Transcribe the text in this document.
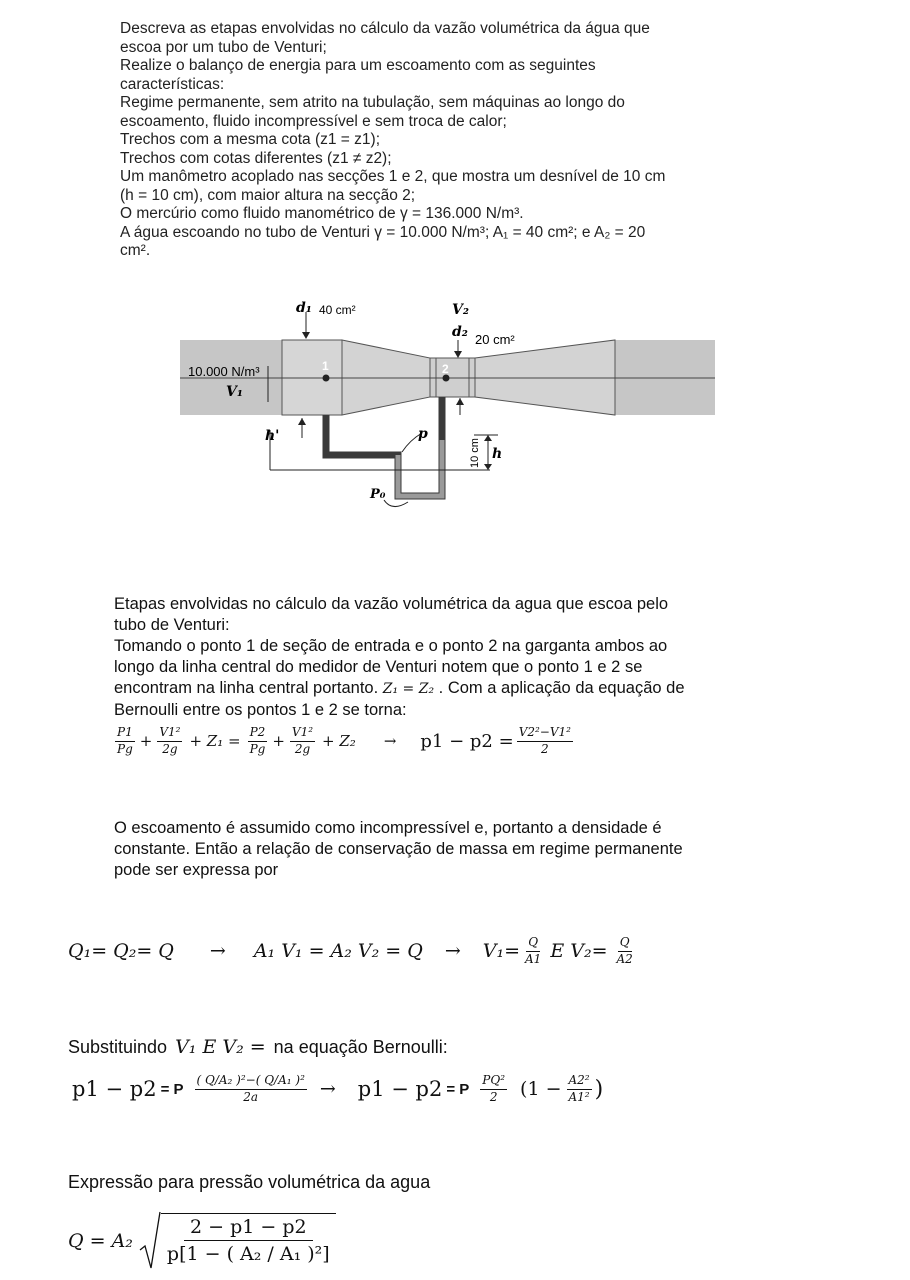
Descreva as etapas envolvidas no cálculo da vazão volumétrica da água que
escoa por um tubo de Venturi;
Realize o balanço de energia para um escoamento com as seguintes
características:
Regime permanente, sem atrito na tubulação, sem máquinas ao longo do
escoamento, fluido incompressível e sem troca de calor;
Trechos com a mesma cota (z1 = z1);
Trechos com cotas diferentes (z1 ≠ z2);
Um manômetro acoplado nas secções 1 e 2, que mostra um desnível de 10 cm
(h = 10 cm), com maior altura na secção 2;
O mercúrio como fluido manométrico de γ = 136.000 N/m³.
A água escoando no tubo de Venturi γ = 10.000 N/m³; A₁ = 40 cm²; e A₂ = 20
cm².
1	2
d₁ 40 cm²	V₂
d₂ 20 cm²
10.000 N/m³
V₁
h'	p
10 cm h
P₀
Etapas envolvidas no cálculo da vazão volumétrica da agua que escoa pelo
tubo de Venturi:
Tomando o ponto 1 de seção de entrada e o ponto 2 na garganta ambos ao
longo da linha central do medidor de Venturi notem que o ponto 1 e 2 se
encontram na linha central portanto. Z₁ = Z₂ . Com a aplicação da equação de
Bernoulli entre os pontos 1 e 2 se torna:
$\frac{P1}{Pg} + \frac{\text{V1²}}{2g} + Z_1 = \frac{P2}{Pg} + \frac{\text{V1²}}{2g} + Z_2 \to p1 - p2 = \frac{\text{V2²−V1²}}{2}$
O escoamento é assumido como incompressível e, portanto a densidade é
constante. Então a relação de conservação de massa em regime permanente
pode ser expressa por
Q₁= Q₂= Q → A₁ V₁ = A₂ $V_2 = Q \to V_1= \frac{Q}{A1}$ E $V_2= \frac{Q}{A2}$
Substituindo V₁ E V₂ = na equação Bernoulli:
p1 − p2 = P $\frac{\text{( Q/A₂ )²−( Q/A₁ )²}}{2a} \to p1 - p2 = P \frac{\text{PQ²}}{2} (1 - \frac{\text{A2²}}{\text{A1²}}$ )
Expressão para pressão volumétrica da agua
$Q = A_2 \frac{2 - p1 - p2}{\text{p[1 − ( A₂ / A₁ )²]}}$
